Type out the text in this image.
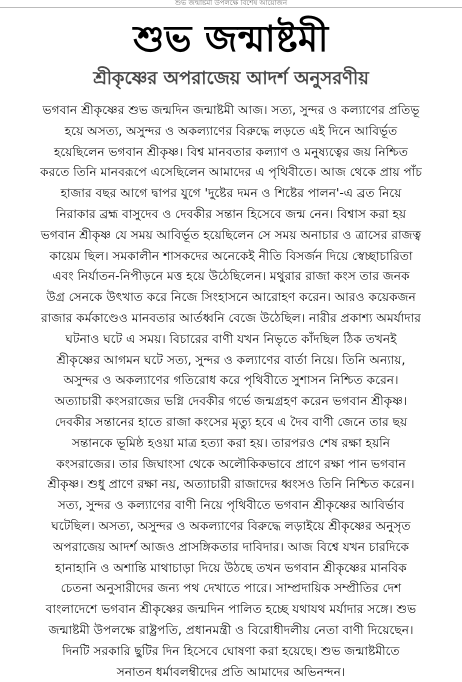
শুভ জন্মাষ্টমী উপলক্ষে বিশেষ আয়োজন
শুভ জন্মাষ্টমী
শ্রীকৃষ্ণের অপরাজেয় আদর্শ অনুসরণীয়
ভগবান শ্রীকৃষ্ণের শুভ জন্মদিন জন্মাষ্টমী আজ। সত্য, সুন্দর ও কল্যাণের প্রতিভূ
হয়ে অসত্য, অসুন্দর ও অকল্যাণের বিরুদ্ধে লড়তে এই দিনে আবির্ভূত
হয়েছিলেন ভগবান শ্রীকৃষ্ণ। বিশ্ব মানবতার কল্যাণ ও মনুষ্যত্বের জয় নিশ্চিত
করতে তিনি মানবরূপে এসেছিলেন আমাদের এ পৃথিবীতে। আজ থেকে প্রায় পাঁচ
হাজার বছর আগে দ্বাপর যুগে 'দুষ্টের দমন ও শিষ্টের পালন'-এ ব্রত নিয়ে
নিরাকার ব্রহ্ম বাসুদেব ও দেবকীর সন্তান হিসেবে জন্ম নেন। বিশ্বাস করা হয়
ভগবান শ্রীকৃষ্ণ যে সময় আবির্ভূত হয়েছিলেন সে সময় অনাচার ও ত্রাসের রাজত্ব
কায়েম ছিল। সমকালীন শাসকদের অনেকেই নীতি বিসর্জন দিয়ে স্বেচ্ছাচারিতা
এবং নির্যাতন-নিপীড়নে মত্ত হয়ে উঠেছিলেন। মথুরার রাজা কংস তার জনক
উগ্র সেনকে উৎখাত করে নিজে সিংহাসনে আরোহণ করেন। আরও কয়েকজন
রাজার কর্মকাণ্ডেও মানবতার আর্তধ্বনি বেজে উঠেছিল। নারীর প্রকাশ্য অমর্যাদার
ঘটনাও ঘটে এ সময়। বিচারের বাণী যখন নিভৃতে কাঁদছিল ঠিক তখনই
শ্রীকৃষ্ণের আগমন ঘটে সত্য, সুন্দর ও কল্যাণের বার্তা নিয়ে। তিনি অন্যায়,
অসুন্দর ও অকল্যাণের গতিরোধ করে পৃথিবীতে সুশাসন নিশ্চিত করেন।
অত্যাচারী কংসরাজের ভগ্নি দেবকীর গর্ভে জন্মগ্রহণ করেন ভগবান শ্রীকৃষ্ণ।
দেবকীর সন্তানের হাতে রাজা কংসের মৃত্যু হবে এ দৈব বাণী জেনে তার ছয়
সন্তানকে ভূমিষ্ঠ হওয়া মাত্র হত্যা করা হয়। তারপরও শেষ রক্ষা হয়নি
কংসরাজের। তার জিঘাংসা থেকে অলৌকিকভাবে প্রাণে রক্ষা পান ভগবান
শ্রীকৃষ্ণ। শুধু প্রাণে রক্ষা নয়, অত্যাচারী রাজাদের ধ্বংসও তিনি নিশ্চিত করেন।
সত্য, সুন্দর ও কল্যাণের বাণী নিয়ে পৃথিবীতে ভগবান শ্রীকৃষ্ণের আবির্ভাব
ঘটেছিল। অসত্য, অসুন্দর ও অকল্যাণের বিরুদ্ধে লড়াইয়ে শ্রীকৃষ্ণের অনুসৃত
অপরাজেয় আদর্শ আজও প্রাসঙ্গিকতার দাবিদার। আজ বিশ্বে যখন চারদিকে
হানাহানি ও অশান্তি মাথাচাড়া দিয়ে উঠছে তখন ভগবান শ্রীকৃষ্ণের মানবিক
চেতনা অনুসারীদের জন্য পথ দেখাতে পারে। সাম্প্রদায়িক সম্প্রীতির দেশ
বাংলাদেশে ভগবান শ্রীকৃষ্ণের জন্মদিন পালিত হচ্ছে যথাযথ মর্যাদার সঙ্গে। শুভ
জন্মাষ্টমী উপলক্ষে রাষ্ট্রপতি, প্রধানমন্ত্রী ও বিরোধীদলীয় নেতা বাণী দিয়েছেন।
দিনটি সরকারি ছুটির দিন হিসেবে ঘোষণা করা হয়েছে। শুভ জন্মাষ্টমীতে
সনাতন ধর্মাবলম্বীদের প্রতি আমাদের অভিনন্দন।
